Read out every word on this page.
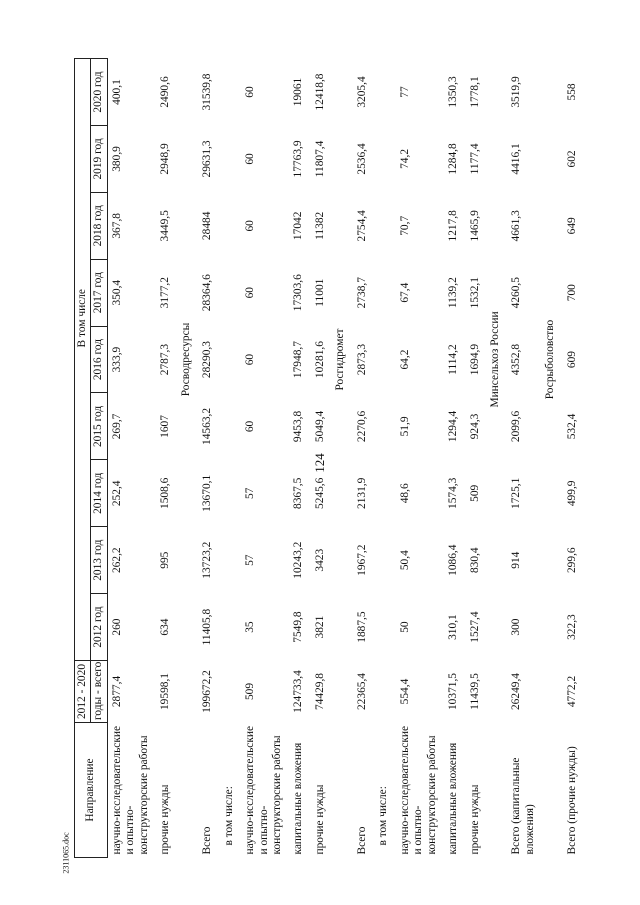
124
Направление	2012 - 2020	В том числе								
	годы - всего	2012 год	2013 год	2014 год	2015 год	2016 год	2017 год	2018 год	2019 год	2020 год
научно-исследовательские и опытно-конструкторские работы	2877,4	260	262,2	252,4	269,7	333,9	350,4	367,8	380,9	400,1
прочие нужды	19598,1	634	995	1508,6	1607	2787,3	3177,2	3449,5	2948,9	2490,6
		Росводресурсы								
Всего	199672,2	11405,8	13723,2	13670,1	14563,2	28290,3	28364,6	28484	29631,3	31539,8
в том числе:										
научно-исследовательские и опытно-конструкторские работы	509	35	57	57	60	60	60	60	60	60
капитальные вложения	124733,4	7549,8	10243,2	8367,5	9453,8	17948,7	17303,6	17042	17763,9	19061
прочие нужды	74429,8	3821	3423	5245,6	5049,4	10281,6	11001	11382	11807,4	12418,8
		Росгидромет								
Всего	22365,4	1887,5	1967,2	2131,9	2270,6	2873,3	2738,7	2754,4	2536,4	3205,4
в том числе:										
научно-исследовательские и опытно-конструкторские работы	554,4	50	50,4	48,6	51,9	64,2	67,4	70,7	74,2	77
капитальные вложения	10371,5	310,1	1086,4	1574,3	1294,4	1114,2	1139,2	1217,8	1284,8	1350,3
прочие нужды	11439,5	1527,4	830,4	509	924,3	1694,9	1532,1	1465,9	1177,4	1778,1
		Минсельхоз России								
Всего (капитальные вложения)	26249,4	300	914	1725,1	2099,6	4352,8	4260,5	4661,3	4416,1	3519,9
		Росрыболовство								
Всего (прочие нужды)	4772,2	322,3	299,6	499,9	532,4	609	700	649	602	558
2311065.doc
